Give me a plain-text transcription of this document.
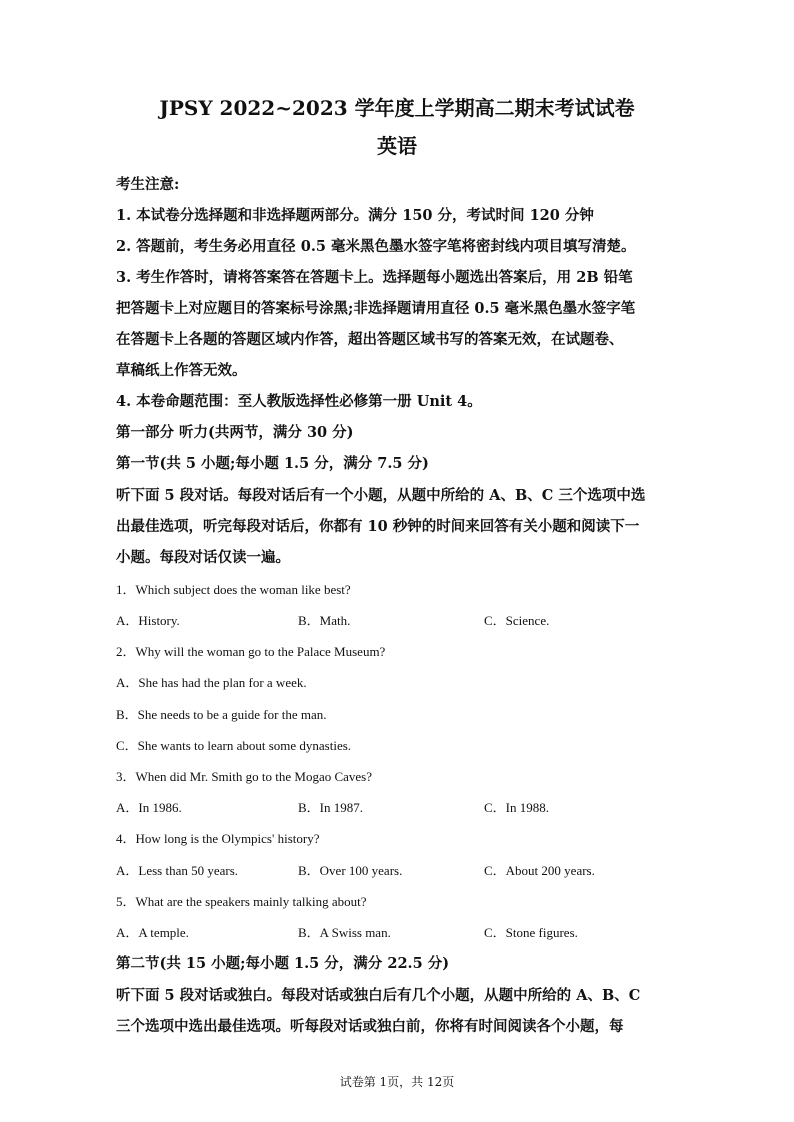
JPSY 2022~2023 学年度上学期高二期末考试试卷
英语
考生注意:
1. 本试卷分选择题和非选择题两部分。满分 150 分，考试时间 120 分钟
2. 答题前，考生务必用直径 0.5 毫米黑色墨水签字笔将密封线内项目填写清楚。
3. 考生作答时，请将答案答在答题卡上。选择题每小题选出答案后，用 2B 铅笔
把答题卡上对应题目的答案标号涂黑;非选择题请用直径 0.5 毫米黑色墨水签字笔
在答题卡上各题的答题区域内作答，超出答题区域书写的答案无效，在试题卷、
草稿纸上作答无效。
4. 本卷命题范围：至人教版选择性必修第一册 Unit 4。
第一部分 听力(共两节，满分 30 分)
第一节(共 5 小题;每小题 1.5 分，满分 7.5 分)
听下面 5 段对话。每段对话后有一个小题，从题中所给的 A、B、C 三个选项中选
出最佳选项，听完每段对话后，你都有 10 秒钟的时间来回答有关小题和阅读下一
小题。每段对话仅读一遍。
1．Which subject does the woman like best?
A．History.	B．Math.	C．Science.
2．Why will the woman go to the Palace Museum?
A．She has had the plan for a week.
B．She needs to be a guide for the man.
C．She wants to learn about some dynasties.
3．When did Mr. Smith go to the Mogao Caves?
A．In 1986.	B．In 1987.	C．In 1988.
4．How long is the Olympics' history?
A．Less than 50 years.	B．Over 100 years.	C．About 200 years.
5．What are the speakers mainly talking about?
A．A temple.	B．A Swiss man.	C．Stone figures.
第二节(共 15 小题;每小题 1.5 分，满分 22.5 分)
听下面 5 段对话或独白。每段对话或独白后有几个小题，从题中所给的 A、B、C
三个选项中选出最佳选项。听每段对话或独白前，你将有时间阅读各个小题，每
试卷第 1页，共 12页
